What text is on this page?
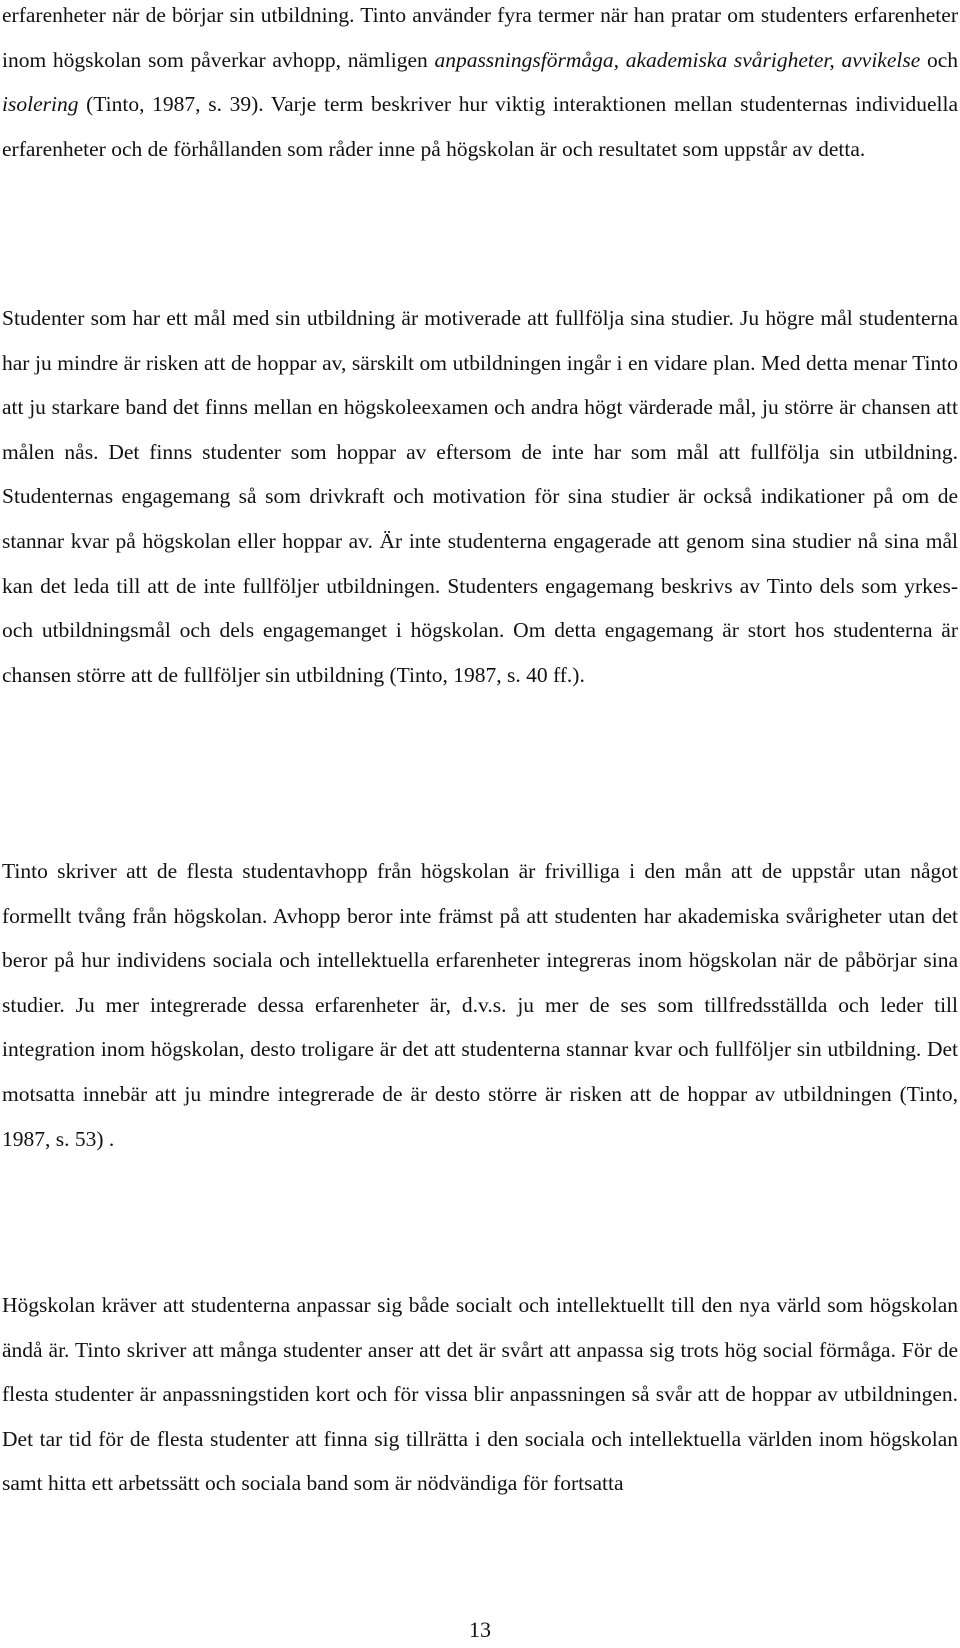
erfarenheter när de börjar sin utbildning. Tinto använder fyra termer när han pratar om studenters erfarenheter inom högskolan som påverkar avhopp, nämligen anpassningsförmåga, akademiska svårigheter, avvikelse och isolering (Tinto, 1987, s. 39). Varje term beskriver hur viktig interaktionen mellan studenternas individuella erfarenheter och de förhållanden som råder inne på högskolan är och resultatet som uppstår av detta.

Studenter som har ett mål med sin utbildning är motiverade att fullfölja sina studier. Ju högre mål studenterna har ju mindre är risken att de hoppar av, särskilt om utbildningen ingår i en vidare plan. Med detta menar Tinto att ju starkare band det finns mellan en högskoleexamen och andra högt värderade mål, ju större är chansen att målen nås. Det finns studenter som hoppar av eftersom de inte har som mål att fullfölja sin utbildning. Studenternas engagemang så som drivkraft och motivation för sina studier är också indikationer på om de stannar kvar på högskolan eller hoppar av. Är inte studenterna engagerade att genom sina studier nå sina mål kan det leda till att de inte fullföljer utbildningen. Studenters engagemang beskrivs av Tinto dels som yrkes- och utbildningsmål och dels engagemanget i högskolan. Om detta engagemang är stort hos studenterna är chansen större att de fullföljer sin utbildning (Tinto, 1987, s. 40 ff.).

Tinto skriver att de flesta studentavhopp från högskolan är frivilliga i den mån att de uppstår utan något formellt tvång från högskolan. Avhopp beror inte främst på att studenten har akademiska svårigheter utan det beror på hur individens sociala och intellektuella erfarenheter integreras inom högskolan när de påbörjar sina studier. Ju mer integrerade dessa erfarenheter är, d.v.s. ju mer de ses som tillfredsställda och leder till integration inom högskolan, desto troligare är det att studenterna stannar kvar och fullföljer sin utbildning. Det motsatta innebär att ju mindre integrerade de är desto större är risken att de hoppar av utbildningen (Tinto, 1987, s. 53) .

Högskolan kräver att studenterna anpassar sig både socialt och intellektuellt till den nya värld som högskolan ändå är. Tinto skriver att många studenter anser att det är svårt att anpassa sig trots hög social förmåga. För de flesta studenter är anpassningstiden kort och för vissa blir anpassningen så svår att de hoppar av utbildningen. Det tar tid för de flesta studenter att finna sig tillrätta i den sociala och intellektuella världen inom högskolan samt hitta ett arbetssätt och sociala band som är nödvändiga för fortsatta

13
